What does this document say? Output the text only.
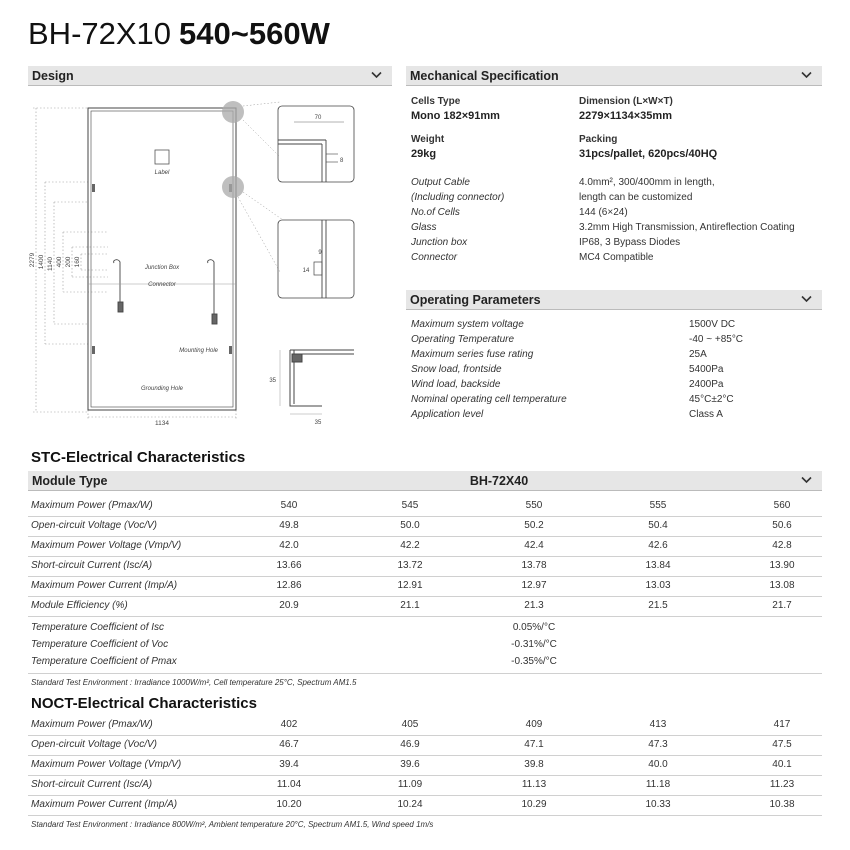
BH-72X10 540~560W
Design
2279 1400 1140 400 200 160
1134
Label
Junction Box
Connector
Mounting Hole
Grounding Hole
70
8
9
14
35
35
Mechanical Specification
Cells Type
Mono 182×91mm
Dimension (L×W×T)
2279×1134×35mm
Weight
29kg
Packing
31pcs/pallet, 620pcs/40HQ
Output Cable	4.0mm², 300/400mm in length,
(Including connector)	length can be customized
No.of Cells	144 (6×24)
Glass	3.2mm High Transmission, Antireflection Coating
Junction box	IP68, 3 Bypass Diodes
Connector	MC4 Compatible
Operating Parameters
Maximum system voltage	1500V DC
Operating Temperature	-40 ~ +85°C
Maximum series fuse rating	25A
Snow load, frontside	5400Pa
Wind load, backside	2400Pa
Nominal operating cell temperature	45°C±2°C
Application level	Class A
STC-Electrical Characteristics
Module Type	BH-72X40
Maximum Power (Pmax/W)	540	545	550	555	560
Open-circuit Voltage (Voc/V)	49.8	50.0	50.2	50.4	50.6
Maximum Power Voltage (Vmp/V)	42.0	42.2	42.4	42.6	42.8
Short-circuit Current (Isc/A)	13.66	13.72	13.78	13.84	13.90
Maximum Power Current (Imp/A)	12.86	12.91	12.97	13.03	13.08
Module Efficiency (%)	20.9	21.1	21.3	21.5	21.7
Temperature Coefficient of Isc	0.05%/°C
Temperature Coefficient of Voc	-0.31%/°C
Temperature Coefficient of Pmax	-0.35%/°C
Standard Test Environment : Irradiance 1000W/m², Cell temperature 25°C, Spectrum AM1.5
NOCT-Electrical Characteristics
Maximum Power (Pmax/W)	402	405	409	413	417
Open-circuit Voltage (Voc/V)	46.7	46.9	47.1	47.3	47.5
Maximum Power Voltage (Vmp/V)	39.4	39.6	39.8	40.0	40.1
Short-circuit Current (Isc/A)	11.04	11.09	11.13	11.18	11.23
Maximum Power Current (Imp/A)	10.20	10.24	10.29	10.33	10.38
Standard Test Environment : Irradiance 800W/m², Ambient temperature 20°C, Spectrum AM1.5, Wind speed 1m/s
